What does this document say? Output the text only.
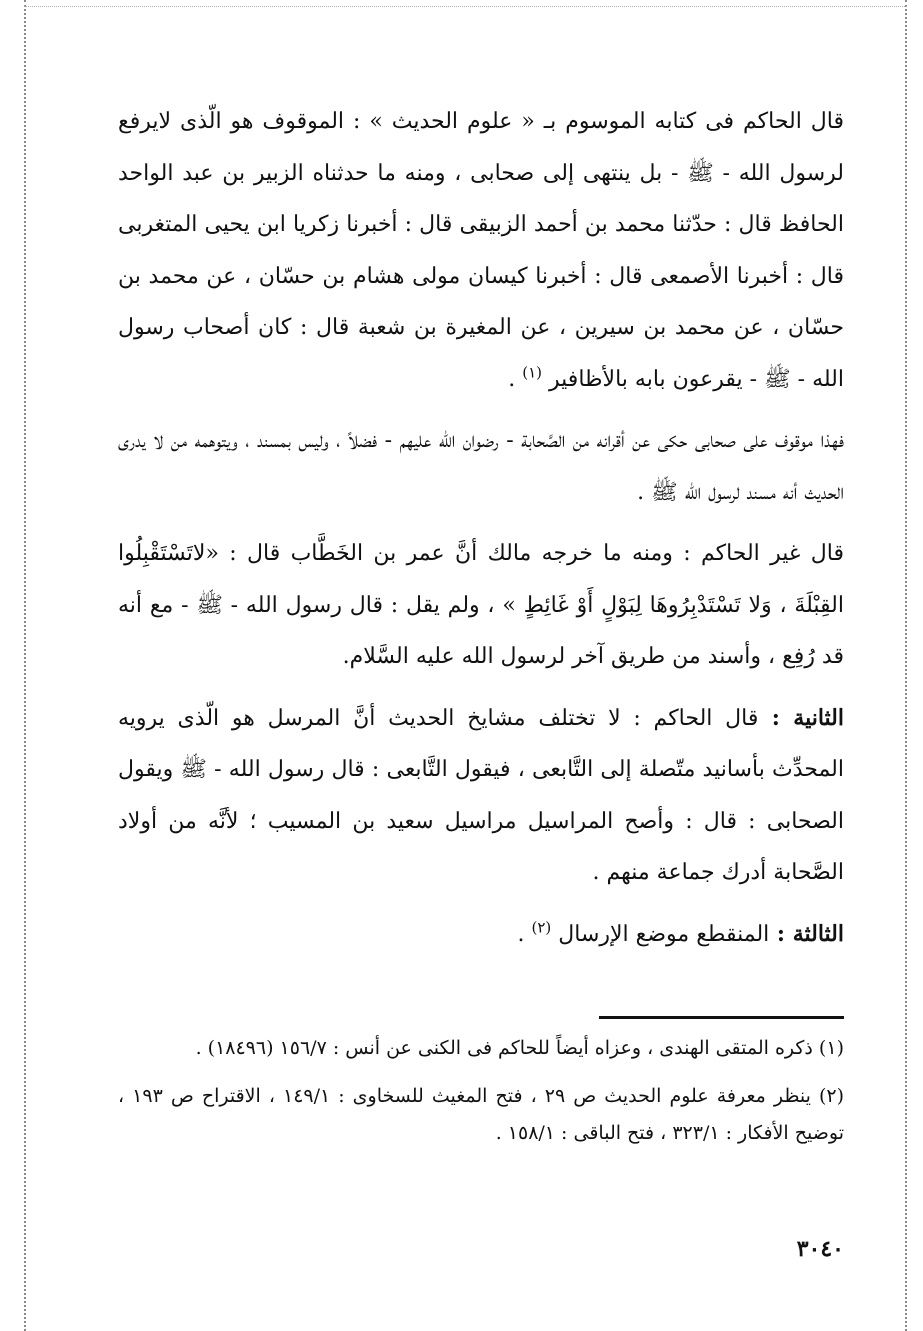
قال الحاكم فى كتابه الموسوم بـ « علوم الحديث » : الموقوف هو الّذى لايرفع لرسول الله - ﷺ - بل ينتهى إلى صحابى ، ومنه ما حدثناه الزبير بن عبد الواحد الحافظ قال : حدّثنا محمد بن أحمد الزبيقى قال : أخبرنا زكريا ابن يحيى المتغربى قال : أخبرنا الأصمعى قال : أخبرنا كيسان مولى هشام بن حسّان ، عن محمد بن حسّان ، عن محمد بن سيرين ، عن المغيرة بن شعبة قال : كان أصحاب رسول الله - ﷺ - يقرعون بابه بالأظافير $^{(١)}$ .

فهذا موقوف على صحابى حكى عن أقرانه من الصَّحابة - رضوان الله عليهم - فضلاً ، وليس بمسند ، ويتوهمه من لا يدرى الحديث أنه مسند لرسول الله ﷺ .

قال غير الحاكم : ومنه ما خرجه مالك أنَّ عمر بن الخَطَّاب قال : «لاتَسْتَقْبِلُوا القِبْلَةَ ، وَلا تَسْتَدْبِرُوهَا لِبَوْلٍ أَوْ غَائِطٍ » ، ولم يقل : قال رسول الله - ﷺ - مع أنه قد رُفِع ، وأسند من طريق آخر لرسول الله عليه السَّلام.

الثانية : قال الحاكم : لا تختلف مشايخ الحديث أنَّ المرسل هو الّذى يرويه المحدِّث بأسانيد متّصلة إلى التَّابعى ، فيقول التَّابعى : قال رسول الله - ﷺ ويقول الصحابى : قال : وأصح المراسيل مراسيل سعيد بن المسيب ؛ لأنَّه من أولاد الصَّحابة أدرك جماعة منهم .

الثالثة : المنقطع موضع الإرسال $^{(٢)}$ .

(١) ذكره المتقى الهندى ، وعزاه أيضاً للحاكم فى الكنى عن أنس : ١٥٦/٧ (١٨٤٩٦) .

(٢) ينظر معرفة علوم الحديث ص ٢٩ ، فتح المغيث للسخاوى : ١٤٩/١ ، الاقتراح ص ١٩٣ ، توضيح الأفكار : ٣٢٣/١ ، فتح الباقى : ١٥٨/١ .

٣٠٤٠
